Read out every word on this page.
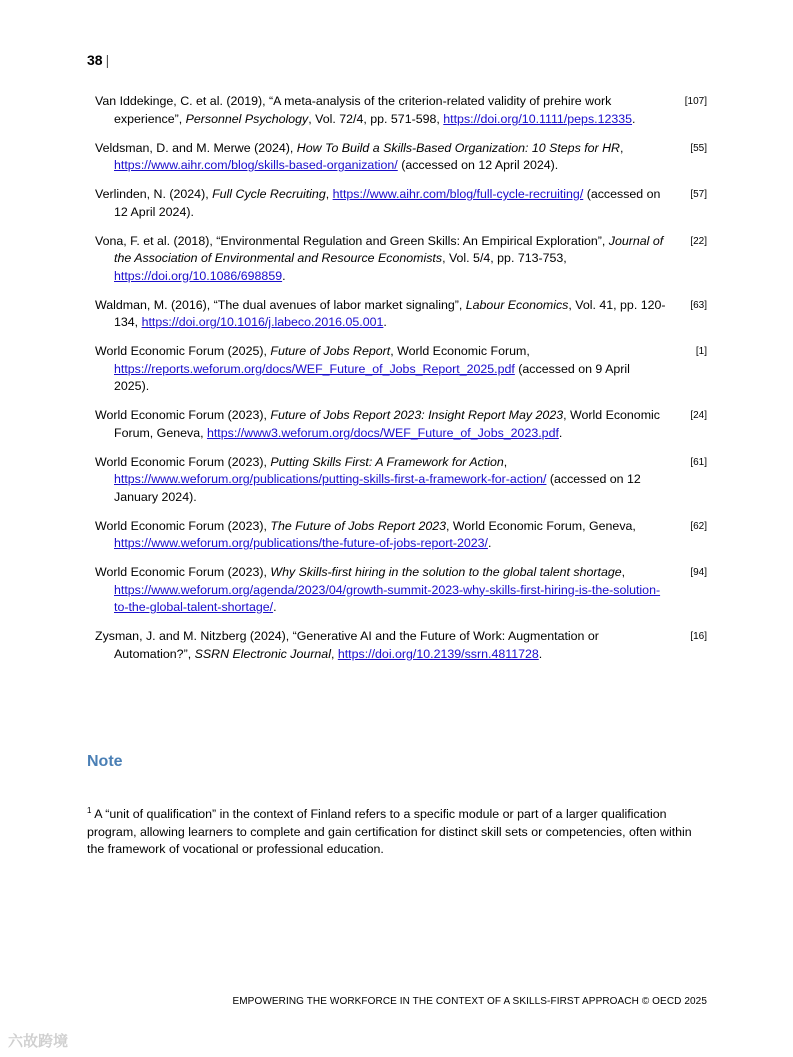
38 |
Van Iddekinge, C. et al. (2019), “A meta-analysis of the criterion-related validity of prehire work experience”, Personnel Psychology, Vol. 72/4, pp. 571-598, https://doi.org/10.1111/peps.12335.
[107]
Veldsman, D. and M. Merwe (2024), How To Build a Skills-Based Organization: 10 Steps for HR, https://www.aihr.com/blog/skills-based-organization/ (accessed on 12 April 2024).
[55]
Verlinden, N. (2024), Full Cycle Recruiting, https://www.aihr.com/blog/full-cycle-recruiting/ (accessed on 12 April 2024).
[57]
Vona, F. et al. (2018), “Environmental Regulation and Green Skills: An Empirical Exploration”, Journal of the Association of Environmental and Resource Economists, Vol. 5/4, pp. 713-753, https://doi.org/10.1086/698859.
[22]
Waldman, M. (2016), “The dual avenues of labor market signaling”, Labour Economics, Vol. 41, pp. 120-134, https://doi.org/10.1016/j.labeco.2016.05.001.
[63]
World Economic Forum (2025), Future of Jobs Report, World Economic Forum, https://reports.weforum.org/docs/WEF_Future_of_Jobs_Report_2025.pdf (accessed on 9 April 2025).
[1]
World Economic Forum (2023), Future of Jobs Report 2023: Insight Report May 2023, World Economic Forum, Geneva, https://www3.weforum.org/docs/WEF_Future_of_Jobs_2023.pdf.
[24]
World Economic Forum (2023), Putting Skills First: A Framework for Action, https://www.weforum.org/publications/putting-skills-first-a-framework-for-action/ (accessed on 12 January 2024).
[61]
World Economic Forum (2023), The Future of Jobs Report 2023, World Economic Forum, Geneva, https://www.weforum.org/publications/the-future-of-jobs-report-2023/.
[62]
World Economic Forum (2023), Why Skills-first hiring in the solution to the global talent shortage, https://www.weforum.org/agenda/2023/04/growth-summit-2023-why-skills-first-hiring-is-the-solution-to-the-global-talent-shortage/.
[94]
Zysman, J. and M. Nitzberg (2024), “Generative AI and the Future of Work: Augmentation or Automation?”, SSRN Electronic Journal, https://doi.org/10.2139/ssrn.4811728.
[16]
Note
$^1$ A “unit of qualification” in the context of Finland refers to a specific module or part of a larger qualification program, allowing learners to complete and gain certification for distinct skill sets or competencies, often within the framework of vocational or professional education.
EMPOWERING THE WORKFORCE IN THE CONTEXT OF A SKILLS-FIRST APPROACH © OECD 2025
六故跨境
